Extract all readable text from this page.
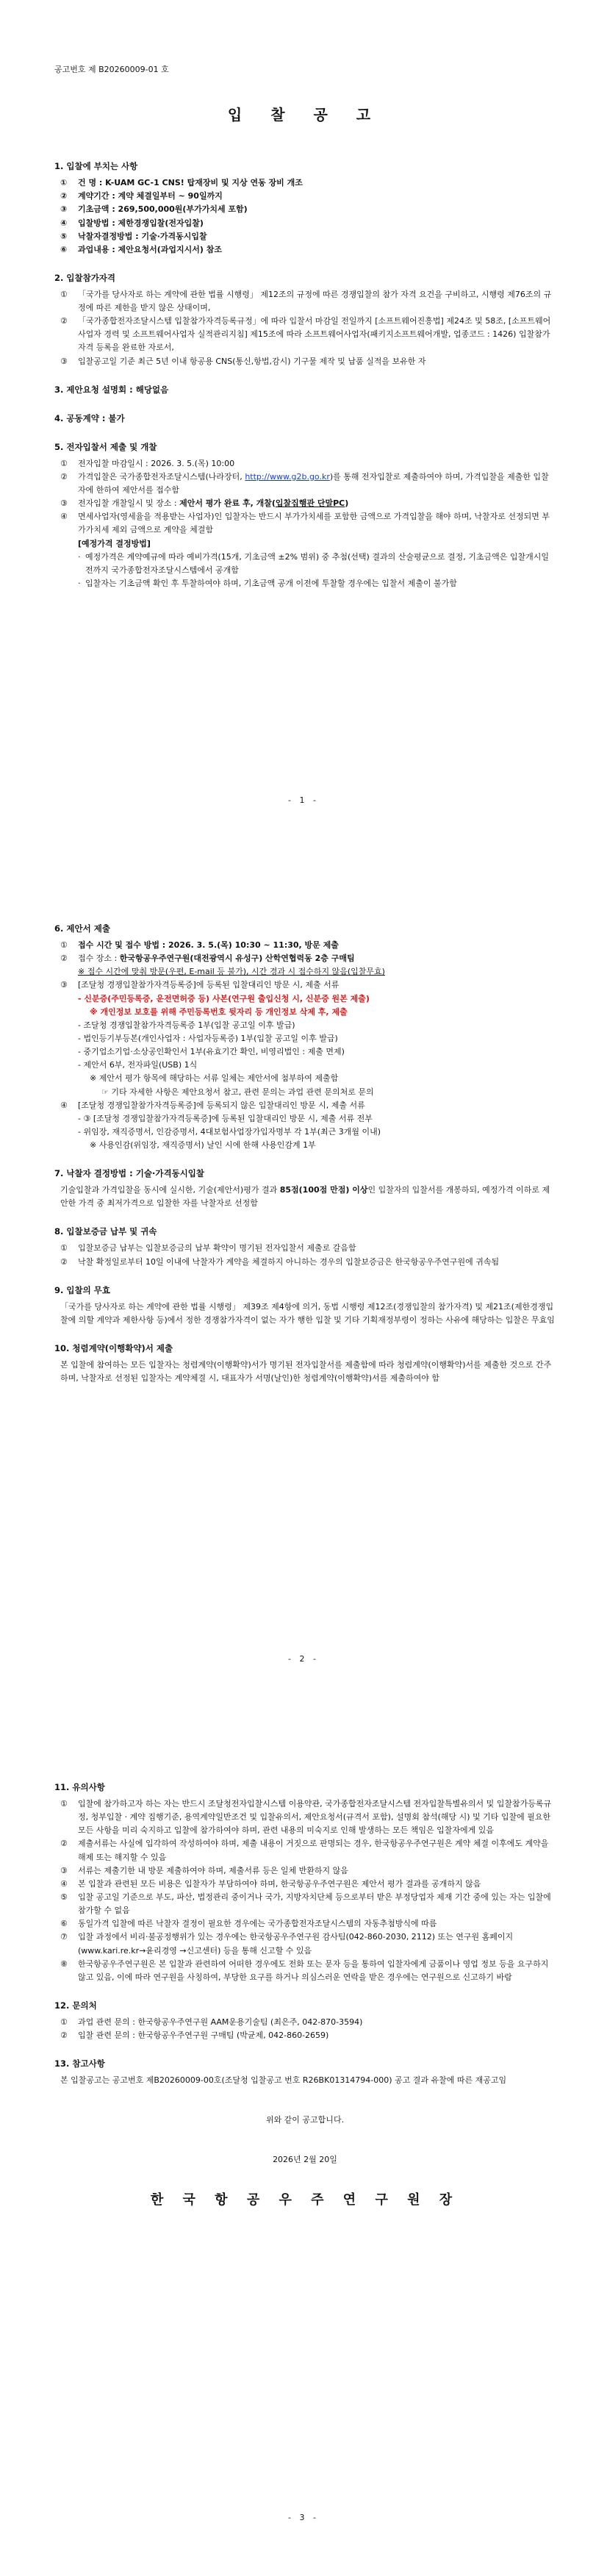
공고번호 제 B20260009-01 호
입 찰 공 고
1. 입찰에 부치는 사항
①	건 명 : K-UAM GC-1 CNS! 탑재장비 및 지상 연동 장비 개조
②	계약기간 : 계약 체결일부터 ~ 90일까지
③	기초금액 : 269,500,000원(부가가치세 포함)
④	입찰방법 : 제한경쟁입찰(전자입찰)
⑤	낙찰자결정방법 : 기술·가격동시입찰
⑥	과업내용 : 제안요청서(과업지시서) 참조
2. 입찰참가자격
①	「국가를 당사자로 하는 계약에 관한 법률 시행령」 제12조의 규정에 따른 경쟁입찰의 참가 자격 요건을 구비하고, 시행령 제76조의 규정에 따른 제한을 받지 않은 상태이며,
②	「국가종합전자조달시스템 입찰참가자격등록규정」에 따라 입찰서 마감일 전일까지 [소프트웨어진흥법] 제24조 및 58조, [소프트웨어사업자 경력 및 소프트웨어사업자 실적관리지침] 제15조에 따라 소프트웨어사업자(패키지소프트웨어개발, 업종코드 : 1426) 입찰참가 자격 등록을 완료한 자로서,
③	입찰공고일 기준 최근 5년 이내 항공용 CNS(통신,항법,감시) 기구물 제작 및 납품 실적을 보유한 자
3. 제안요청 설명회 : 해당없음
4. 공동계약 : 불가
5. 전자입찰서 제출 및 개찰
①	전자입찰 마감일시 : 2026. 3. 5.(목) 10:00
②	가격입찰은 국가종합전자조달시스템(나라장터, http://www.g2b.go.kr)를 통해 전자입찰로 제출하여야 하며, 가격입찰을 제출한 입찰자에 한하여 제안서를 접수함
③	전자입찰 개찰일시 및 장소 : 제안서 평가 완료 후, 개찰(입찰집행관 단말PC)
④	면세사업자(영세율을 적용받는 사업자)인 입찰자는 반드시 부가가치세를 포함한 금액으로 가격입찰을 해야 하며, 낙찰자로 선정되면 부가가치세 제외 금액으로 계약을 체결함
[예정가격 결정방법]
· 예정가격은 계약예규에 따라 예비가격(15개, 기초금액 ±2% 범위) 중 추첨(선택) 결과의 산술평균으로 결정, 기초금액은 입찰개시일 전까지 국가종합전자조달시스템에서 공개함
· 입찰자는 기초금액 확인 후 투찰하여야 하며, 기초금액 공개 이전에 투찰할 경우에는 입찰서 제출이 불가함
- 1 -
6. 제안서 제출
①	접수 시간 및 접수 방법 : 2026. 3. 5.(목) 10:30 ~ 11:30, 방문 제출
②	접수 장소 : 한국항공우주연구원(대전광역시 유성구) 산학연협력동 2층 구매팀
※ 접수 시간에 맞춰 방문(우편, E-mail 등 불가), 시간 경과 시 접수하지 않음(입찰무효)
③	[조달청 경쟁입찰참가자격등록증]에 등록된 입찰대리인 방문 시, 제출 서류
- 신분증(주민등록증, 운전면허증 등) 사본(연구원 출입신청 시, 신분증 원본 제출)
※ 개인정보 보호를 위해 주민등록번호 뒷자리 등 개인정보 삭제 후, 제출
- 조달청 경쟁입찰참가자격등록증 1부(입찰 공고일 이후 발급)
- 법인등기부등본(개인사업자 : 사업자등록증) 1부(입찰 공고일 이후 발급)
- 중기업소기업·소상공인확인서 1부(유효기간 확인, 비영리법인 : 제출 면제)
- 제안서 6부, 전자파일(USB) 1식
※ 제안서 평가 항목에 해당하는 서류 일체는 제안서에 첨부하여 제출함
☞ 기타 자세한 사항은 제안요청서 참고, 관련 문의는 과업 관련 문의처로 문의
④	[조달청 경쟁입찰참가자격등록증]에 등록되지 않은 입찰대리인 방문 시, 제출 서류
- ③ [조달청 경쟁입찰참가자격등록증]에 등록된 입찰대리인 방문 시, 제출 서류 전부
- 위임장, 재직증명서, 인감증명서, 4대보험사업장가입자명부 각 1부(최근 3개월 이내)
※ 사용인감(위임장, 재직증명서) 날인 시에 한해 사용인감계 1부
7. 낙찰자 결정방법 : 기술·가격동시입찰
기술입찰과 가격입찰을 동시에 실시한, 기술(제안서)평가 결과 85점(100점 만점) 이상인 입찰자의 입찰서를 개봉하되, 예정가격 이하로 제안한 가격 중 최저가격으로 입찰한 자를 낙찰자로 선정함
8. 입찰보증금 납부 및 귀속
①	입찰보증금 납부는 입찰보증금의 납부 확약이 명기된 전자입찰서 제출로 갈음함
②	낙찰 확정일로부터 10일 이내에 낙찰자가 계약을 체결하지 아니하는 경우의 입찰보증금은 한국항공우주연구원에 귀속됨
9. 입찰의 무효
「국가를 당사자로 하는 계약에 관한 법률 시행령」 제39조 제4항에 의거, 동법 시행령 제12조(경쟁입찰의 참가자격) 및 제21조(제한경쟁입찰에 의할 계약과 제한사항 등)에서 정한 경쟁참가자격이 없는 자가 행한 입찰 및 기타 기획재정부령이 정하는 사유에 해당하는 입찰은 무효임
10. 청렴계약(이행확약)서 제출
본 입찰에 참여하는 모든 입찰자는 청렴계약(이행확약)서가 명기된 전자입찰서를 제출함에 따라 청렴계약(이행확약)서를 제출한 것으로 간주하며, 낙찰자로 선정된 입찰자는 계약체결 시, 대표자가 서명(날인)한 청렴계약(이행확약)서를 제출하여야 함
- 2 -
11. 유의사항
①	입찰에 참가하고자 하는 자는 반드시 조달청전자입찰시스템 이용약관, 국가종합전자조달시스템 전자입찰특별유의서 및 입찰참가등록규정, 청부입찰 · 계약 집행기준, 용역계약일반조건 및 입찰유의서, 제안요청서(규격서 포함), 설명회 참석(해당 시) 및 기타 입찰에 필요한 모든 사항을 미리 숙지하고 입찰에 참가하여야 하며, 관련 내용의 미숙지로 인해 발생하는 모든 책임은 입찰자에게 있음
②	제출서류는 사실에 입각하여 작성하여야 하며, 제출 내용이 거짓으로 판명되는 경우, 한국항공우주연구원은 계약 체결 이후에도 계약을 해제 또는 해지할 수 있음
③	서류는 제출기한 내 방문 제출하여야 하며, 제출서류 등은 일체 반환하지 않음
④	본 입찰과 관련된 모든 비용은 입찰자가 부담하여야 하며, 한국항공우주연구원은 제안서 평가 결과를 공개하지 않음
⑤	입찰 공고일 기준으로 부도, 파산, 법정관리 중이거나 국가, 지방자치단체 등으로부터 받은 부정당업자 제재 기간 중에 있는 자는 입찰에 참가할 수 없음
⑥	동일가격 입찰에 따른 낙찰자 결정이 필요한 경우에는 국가종합전자조달시스템의 자동추첨방식에 따름
⑦	입찰 과정에서 비리·불공정행위가 있는 경우에는 한국항공우주연구원 감사팀(042-860-2030, 2112) 또는 연구원 홈페이지(www.kari.re.kr→윤리경영 →신고센터) 등을 통해 신고할 수 있음
⑧	한국항공우주연구원은 본 입찰과 관련하여 어떠한 경우에도 전화 또는 문자 등을 통하여 입찰자에게 금품이나 영업 정보 등을 요구하지 않고 있음, 이에 따라 연구원을 사칭하여, 부당한 요구를 하거나 의심스러운 연락을 받은 경우에는 연구원으로 신고하기 바람
12. 문의처
①	과업 관련 문의 : 한국항공우주연구원 AAM운용기술팀 (최은주, 042-870-3594)
②	입찰 관련 문의 : 한국항공우주연구원 구매팀 (박균제, 042-860-2659)
13. 참고사항
본 입찰공고는 공고번호 제B20260009-00호(조달청 입찰공고 번호 R26BK01314794-000) 공고 결과 유찰에 따른 재공고임
위와 같이 공고합니다.
2026년 2월 20일
한 국 항 공 우 주 연 구 원 장
- 3 -
